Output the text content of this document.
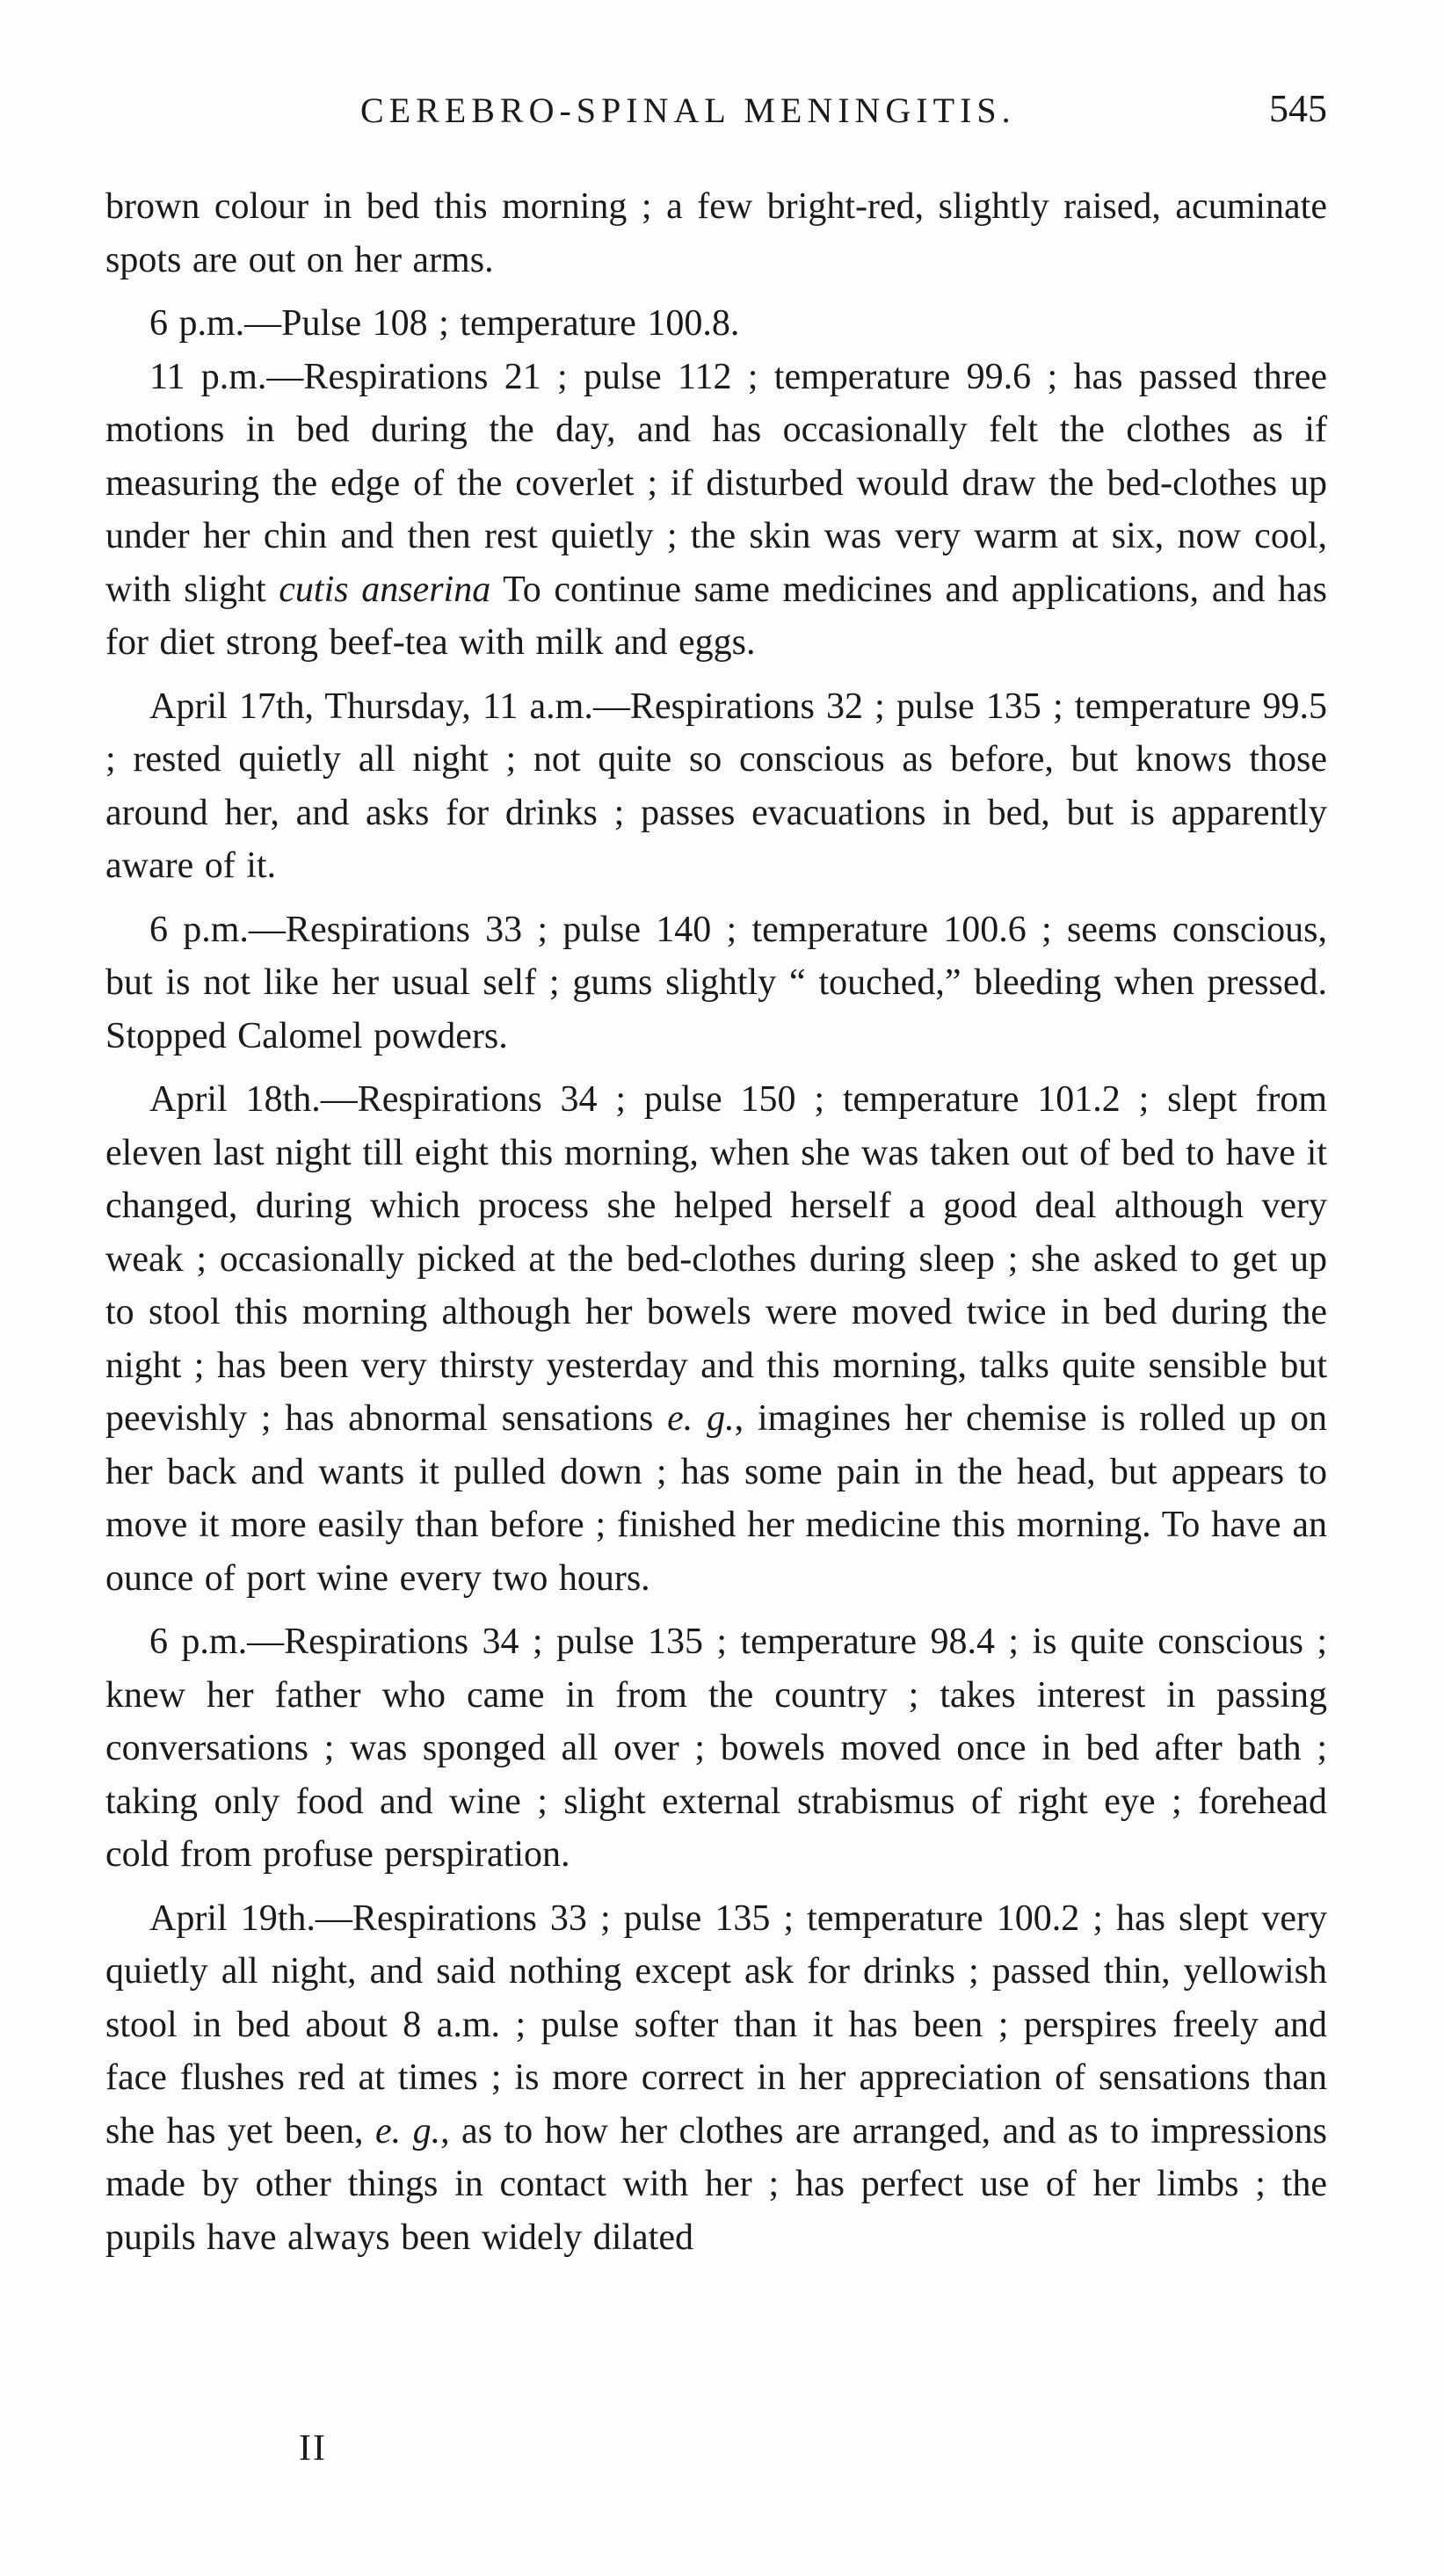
CEREBRO-SPINAL MENINGITIS.	545

brown colour in bed this morning ; a few bright-red, slightly raised, acuminate spots are out on her arms.

6 p.m.—Pulse 108 ; temperature 100.8.

11 p.m.—Respirations 21 ; pulse 112 ; temperature 99.6 ; has passed three motions in bed during the day, and has occasionally felt the clothes as if measuring the edge of the coverlet ; if disturbed would draw the bed-clothes up under her chin and then rest quietly ; the skin was very warm at six, now cool, with slight cutis anserina To continue same medicines and applications, and has for diet strong beef-tea with milk and eggs.

April 17th, Thursday, 11 a.m.—Respirations 32 ; pulse 135 ; temperature 99.5 ; rested quietly all night ; not quite so conscious as before, but knows those around her, and asks for drinks ; passes evacuations in bed, but is apparently aware of it.

6 p.m.—Respirations 33 ; pulse 140 ; temperature 100.6 ; seems conscious, but is not like her usual self ; gums slightly “ touched,” bleeding when pressed. Stopped Calomel powders.

April 18th.—Respirations 34 ; pulse 150 ; temperature 101.2 ; slept from eleven last night till eight this morning, when she was taken out of bed to have it changed, during which process she helped herself a good deal although very weak ; occasionally picked at the bed-clothes during sleep ; she asked to get up to stool this morning although her bowels were moved twice in bed during the night ; has been very thirsty yesterday and this morning, talks quite sensible but peevishly ; has abnormal sensations e. g., imagines her chemise is rolled up on her back and wants it pulled down ; has some pain in the head, but appears to move it more easily than before ; finished her medicine this morning. To have an ounce of port wine every two hours.

6 p.m.—Respirations 34 ; pulse 135 ; temperature 98.4 ; is quite conscious ; knew her father who came in from the country ; takes interest in passing conversations ; was sponged all over ; bowels moved once in bed after bath ; taking only food and wine ; slight external strabismus of right eye ; forehead cold from profuse perspiration.

April 19th.—Respirations 33 ; pulse 135 ; temperature 100.2 ; has slept very quietly all night, and said nothing except ask for drinks ; passed thin, yellowish stool in bed about 8 a.m. ; pulse softer than it has been ; perspires freely and face flushes red at times ; is more correct in her appreciation of sensations than she has yet been, e. g., as to how her clothes are arranged, and as to impressions made by other things in contact with her ; has perfect use of her limbs ; the pupils have always been widely dilated

II
